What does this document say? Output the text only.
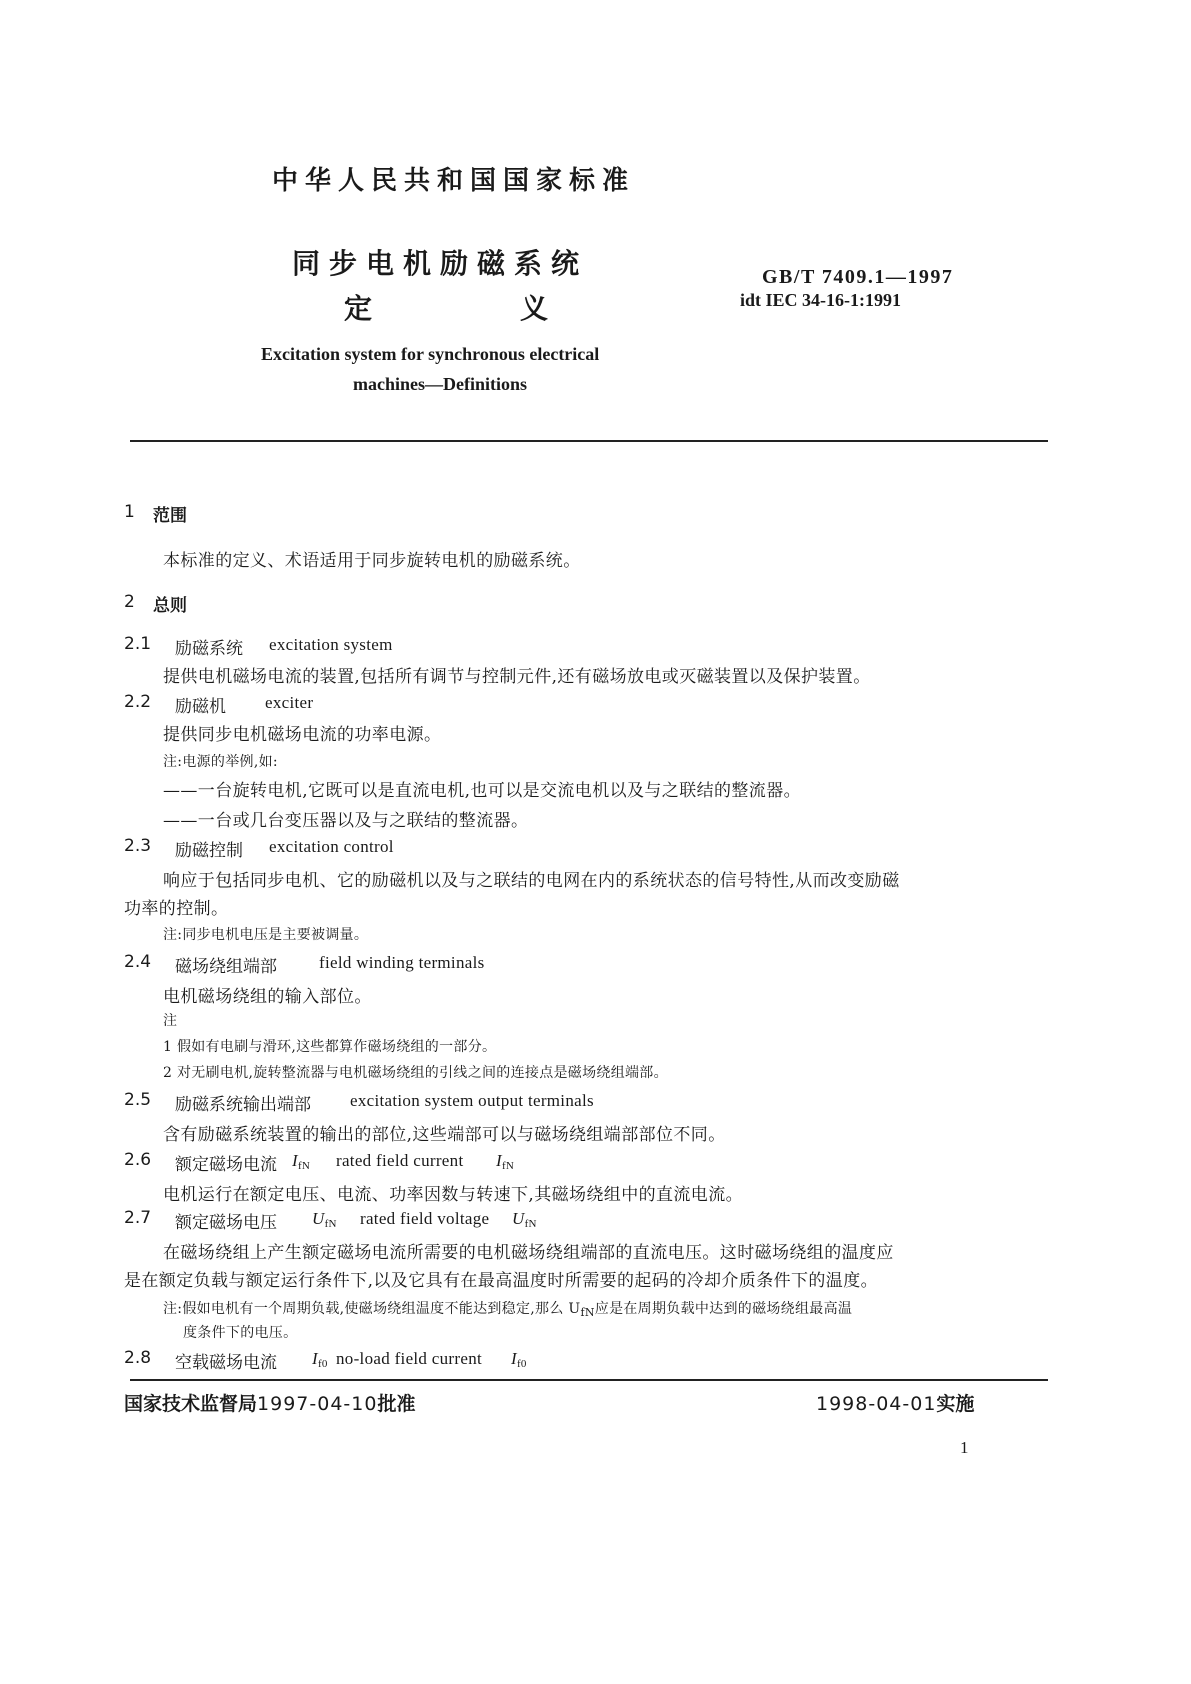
中华人民共和国国家标准
同步电机励磁系统
定	义
GB/T 7409.1—1997
idt IEC 34-16-1:1991
Excitation system for synchronous electrical
machines—Definitions
1 范围
本标准的定义、术语适用于同步旋转电机的励磁系统。
2 总则
2.1 励磁系统 excitation system
提供电机磁场电流的装置,包括所有调节与控制元件,还有磁场放电或灭磁装置以及保护装置。
2.2 励磁机 exciter
提供同步电机磁场电流的功率电源。
注:电源的举例,如:
——一台旋转电机,它既可以是直流电机,也可以是交流电机以及与之联结的整流器。
——一台或几台变压器以及与之联结的整流器。
2.3 励磁控制 excitation control
响应于包括同步电机、它的励磁机以及与之联结的电网在内的系统状态的信号特性,从而改变励磁
功率的控制。
注:同步电机电压是主要被调量。
2.4 磁场绕组端部 field winding terminals
电机磁场绕组的输入部位。
注
1 假如有电刷与滑环,这些都算作磁场绕组的一部分。
2 对无刷电机,旋转整流器与电机磁场绕组的引线之间的连接点是磁场绕组端部。
2.5 励磁系统输出端部 excitation system output terminals
含有励磁系统装置的输出的部位,这些端部可以与磁场绕组端部部位不同。
2.6 额定磁场电流 $I_{fN}$ rated field current $I_{fN}$
电机运行在额定电压、电流、功率因数与转速下,其磁场绕组中的直流电流。
2.7 额定磁场电压 $U_{fN}$ rated field voltage $U_{fN}$
在磁场绕组上产生额定磁场电流所需要的电机磁场绕组端部的直流电压。这时磁场绕组的温度应
是在额定负载与额定运行条件下,以及它具有在最高温度时所需要的起码的冷却介质条件下的温度。
注:假如电机有一个周期负载,使磁场绕组温度不能达到稳定,那么 $U_{fN}$应是在周期负载中达到的磁场绕组最高温
度条件下的电压。
2.8 空载磁场电流 $I_{f0}$ no-load field current $I_{f0}$
国家技术监督局1997-04-10批准	1998-04-01实施
1
